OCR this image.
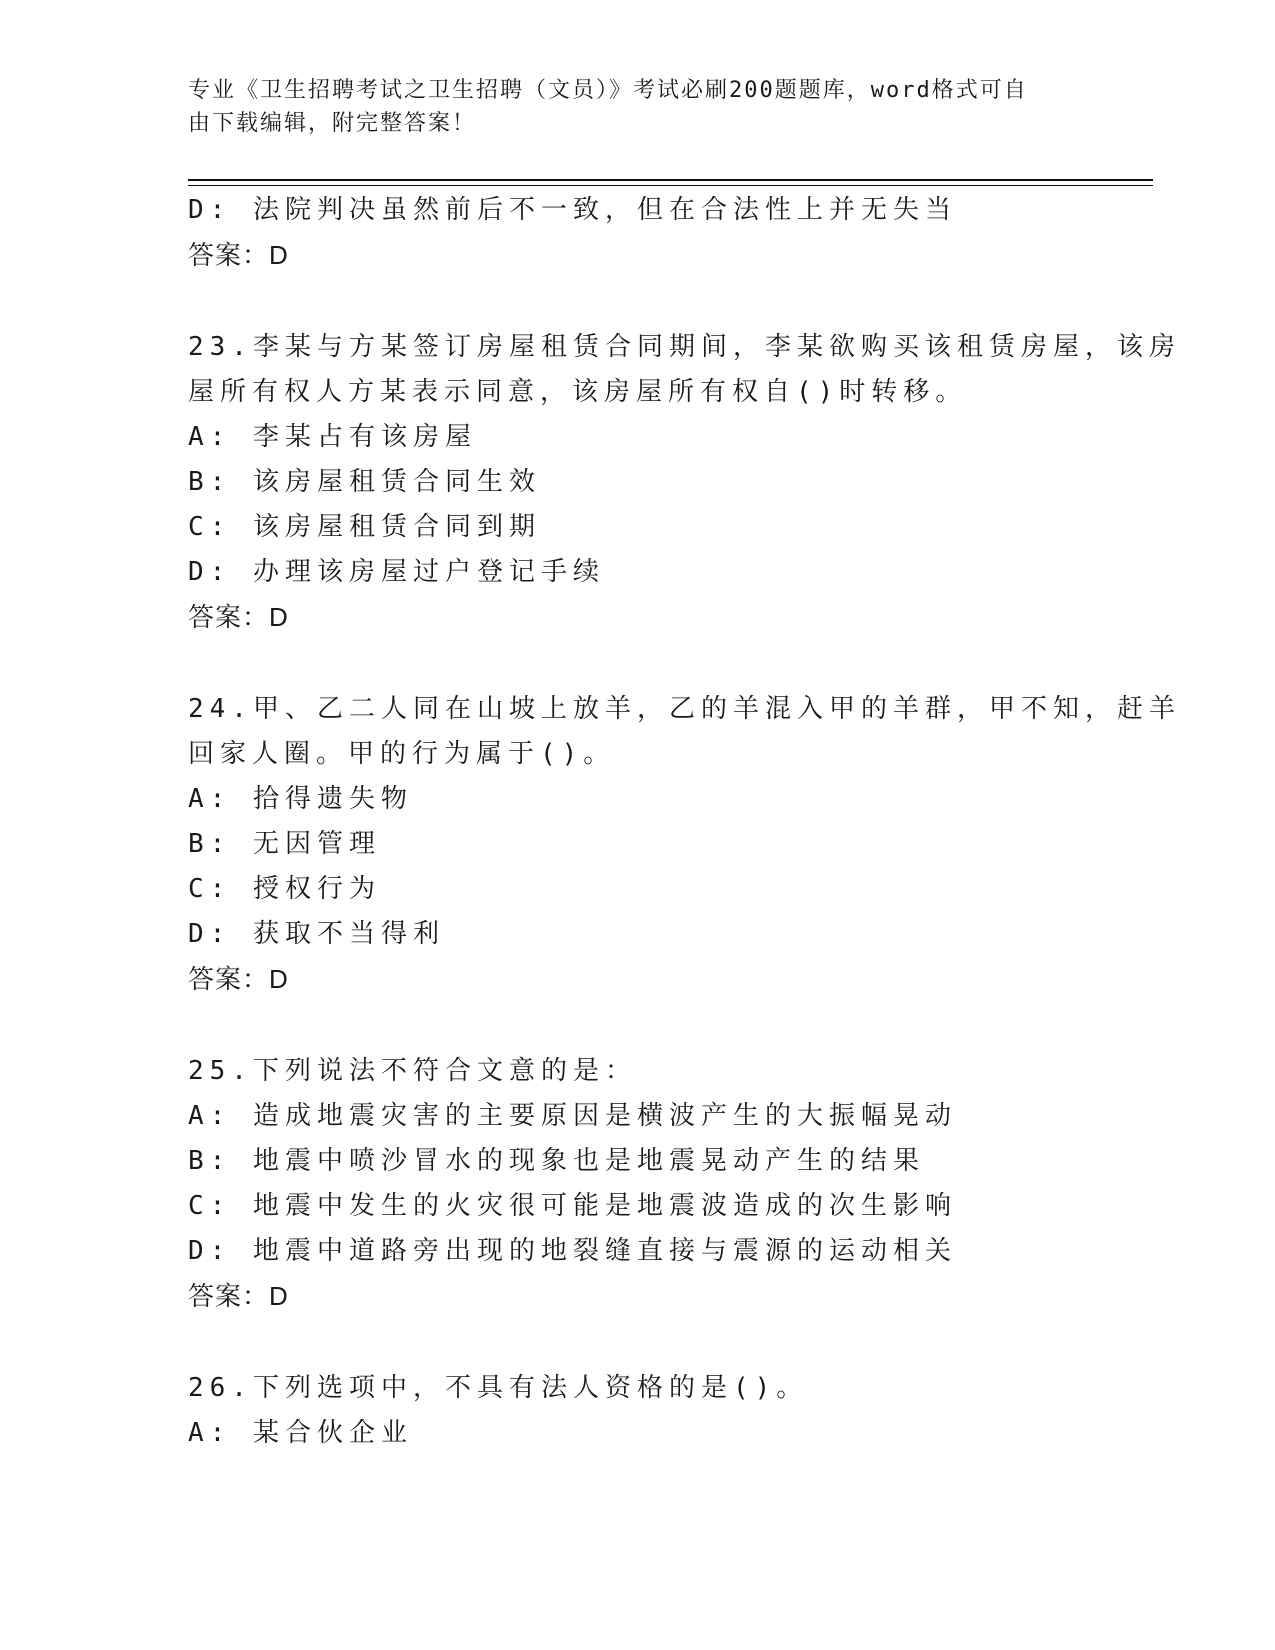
专业《卫生招聘考试之卫生招聘（文员）》考试必刷200题题库，word格式可自
由下载编辑，附完整答案！
D: 法院判决虽然前后不一致，但在合法性上并无失当
答案：D
23.李某与方某签订房屋租赁合同期间，李某欲购买该租赁房屋，该房
屋所有权人方某表示同意，该房屋所有权自()时转移。
A: 李某占有该房屋
B: 该房屋租赁合同生效
C: 该房屋租赁合同到期
D: 办理该房屋过户登记手续
答案：D
24.甲、乙二人同在山坡上放羊，乙的羊混入甲的羊群，甲不知，赶羊
回家人圈。甲的行为属于()。
A: 拾得遗失物
B: 无因管理
C: 授权行为
D: 获取不当得利
答案：D
25.下列说法不符合文意的是：
A: 造成地震灾害的主要原因是横波产生的大振幅晃动
B: 地震中喷沙冒水的现象也是地震晃动产生的结果
C: 地震中发生的火灾很可能是地震波造成的次生影响
D: 地震中道路旁出现的地裂缝直接与震源的运动相关
答案：D
26.下列选项中，不具有法人资格的是()。
A: 某合伙企业
